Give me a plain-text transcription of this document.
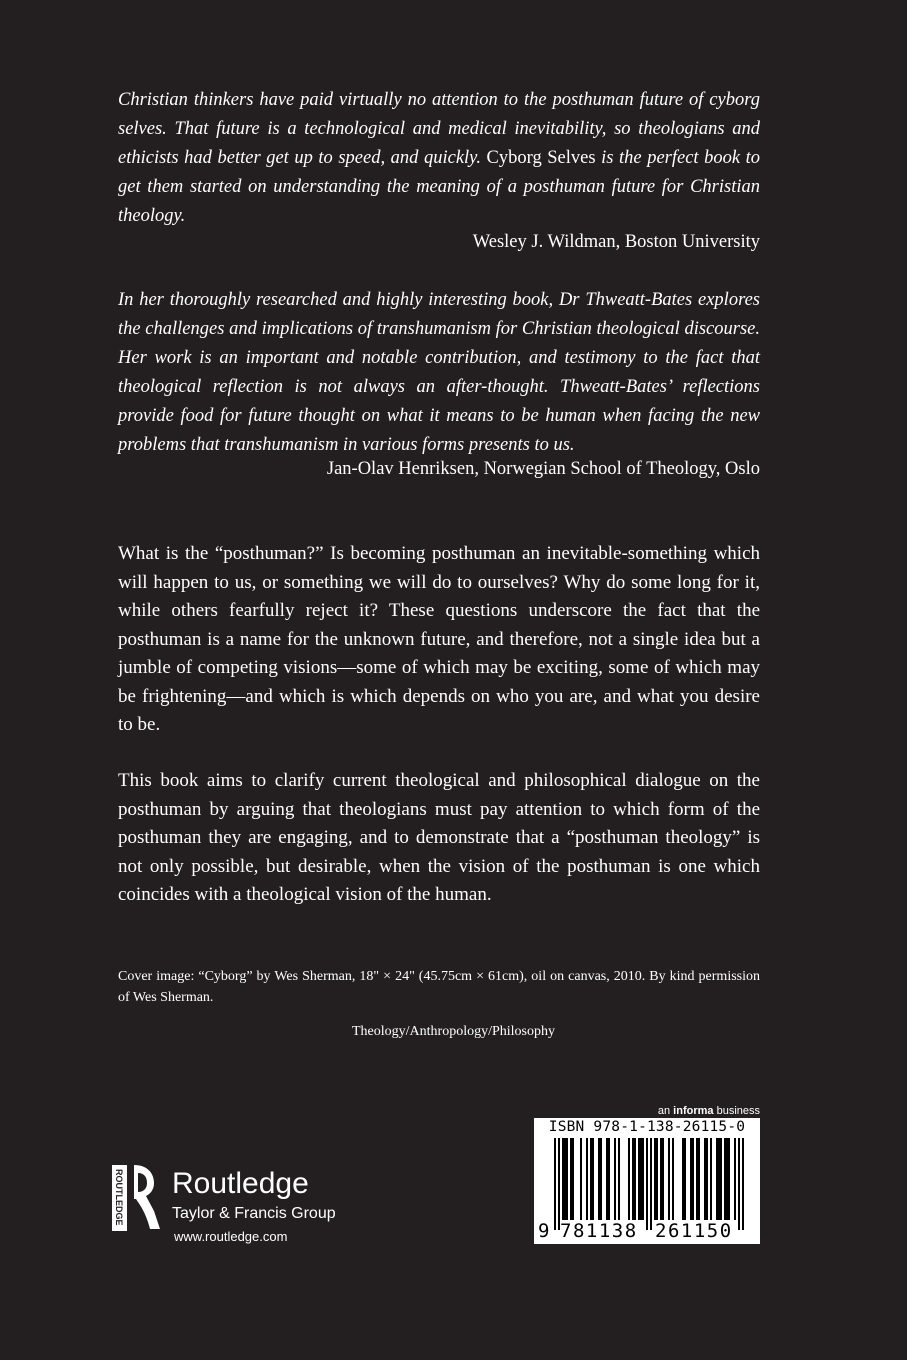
Christian thinkers have paid virtually no attention to the posthuman future of cyborg selves. That future is a technological and medical inevitability, so theologians and ethicists had better get up to speed, and quickly. Cyborg Selves is the perfect book to get them started on understanding the meaning of a posthuman future for Christian theology.
Wesley J. Wildman, Boston University
In her thoroughly researched and highly interesting book, Dr Thweatt-Bates explores the challenges and implications of transhumanism for Christian theological discourse. Her work is an important and notable contribution, and testimony to the fact that theological reflection is not always an after-thought. Thweatt-Bates’ reflections provide food for future thought on what it means to be human when facing the new problems that transhumanism in various forms presents to us.
Jan-Olav Henriksen, Norwegian School of Theology, Oslo
What is the “posthuman?” Is becoming posthuman an inevitable-something which will happen to us, or something we will do to ourselves? Why do some long for it, while others fearfully reject it? These questions underscore the fact that the posthuman is a name for the unknown future, and therefore, not a single idea but a jumble of competing visions—some of which may be exciting, some of which may be frightening—and which is which depends on who you are, and what you desire to be.
This book aims to clarify current theological and philosophical dialogue on the posthuman by arguing that theologians must pay attention to which form of the posthuman they are engaging, and to demonstrate that a “posthuman theology” is not only possible, but desirable, when the vision of the posthuman is one which coincides with a theological vision of the human.
Cover image: “Cyborg” by Wes Sherman, 18" × 24" (45.75cm × 61cm), oil on canvas, 2010. By kind permission of Wes Sherman.
Theology/Anthropology/Philosophy
ROUTLEDGE Routledge
Taylor & Francis Group
www.routledge.com
an informa business
ISBN 978-1-138-26115-0
9 781138 261150
